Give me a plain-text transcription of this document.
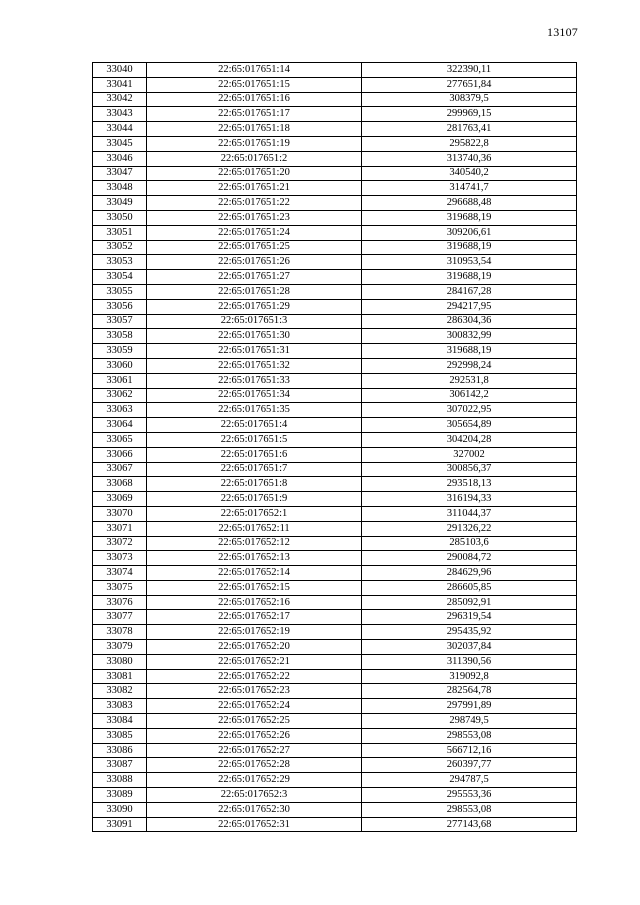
13107
33040	22:65:017651:14	322390,11
33041	22:65:017651:15	277651,84
33042	22:65:017651:16	308379,5
33043	22:65:017651:17	299969,15
33044	22:65:017651:18	281763,41
33045	22:65:017651:19	295822,8
33046	22:65:017651:2	313740,36
33047	22:65:017651:20	340540,2
33048	22:65:017651:21	314741,7
33049	22:65:017651:22	296688,48
33050	22:65:017651:23	319688,19
33051	22:65:017651:24	309206,61
33052	22:65:017651:25	319688,19
33053	22:65:017651:26	310953,54
33054	22:65:017651:27	319688,19
33055	22:65:017651:28	284167,28
33056	22:65:017651:29	294217,95
33057	22:65:017651:3	286304,36
33058	22:65:017651:30	300832,99
33059	22:65:017651:31	319688,19
33060	22:65:017651:32	292998,24
33061	22:65:017651:33	292531,8
33062	22:65:017651:34	306142,2
33063	22:65:017651:35	307022,95
33064	22:65:017651:4	305654,89
33065	22:65:017651:5	304204,28
33066	22:65:017651:6	327002
33067	22:65:017651:7	300856,37
33068	22:65:017651:8	293518,13
33069	22:65:017651:9	316194,33
33070	22:65:017652:1	311044,37
33071	22:65:017652:11	291326,22
33072	22:65:017652:12	285103,6
33073	22:65:017652:13	290084,72
33074	22:65:017652:14	284629,96
33075	22:65:017652:15	286605,85
33076	22:65:017652:16	285092,91
33077	22:65:017652:17	296319,54
33078	22:65:017652:19	295435,92
33079	22:65:017652:20	302037,84
33080	22:65:017652:21	311390,56
33081	22:65:017652:22	319092,8
33082	22:65:017652:23	282564,78
33083	22:65:017652:24	297991,89
33084	22:65:017652:25	298749,5
33085	22:65:017652:26	298553,08
33086	22:65:017652:27	566712,16
33087	22:65:017652:28	260397,77
33088	22:65:017652:29	294787,5
33089	22:65:017652:3	295553,36
33090	22:65:017652:30	298553,08
33091	22:65:017652:31	277143,68
